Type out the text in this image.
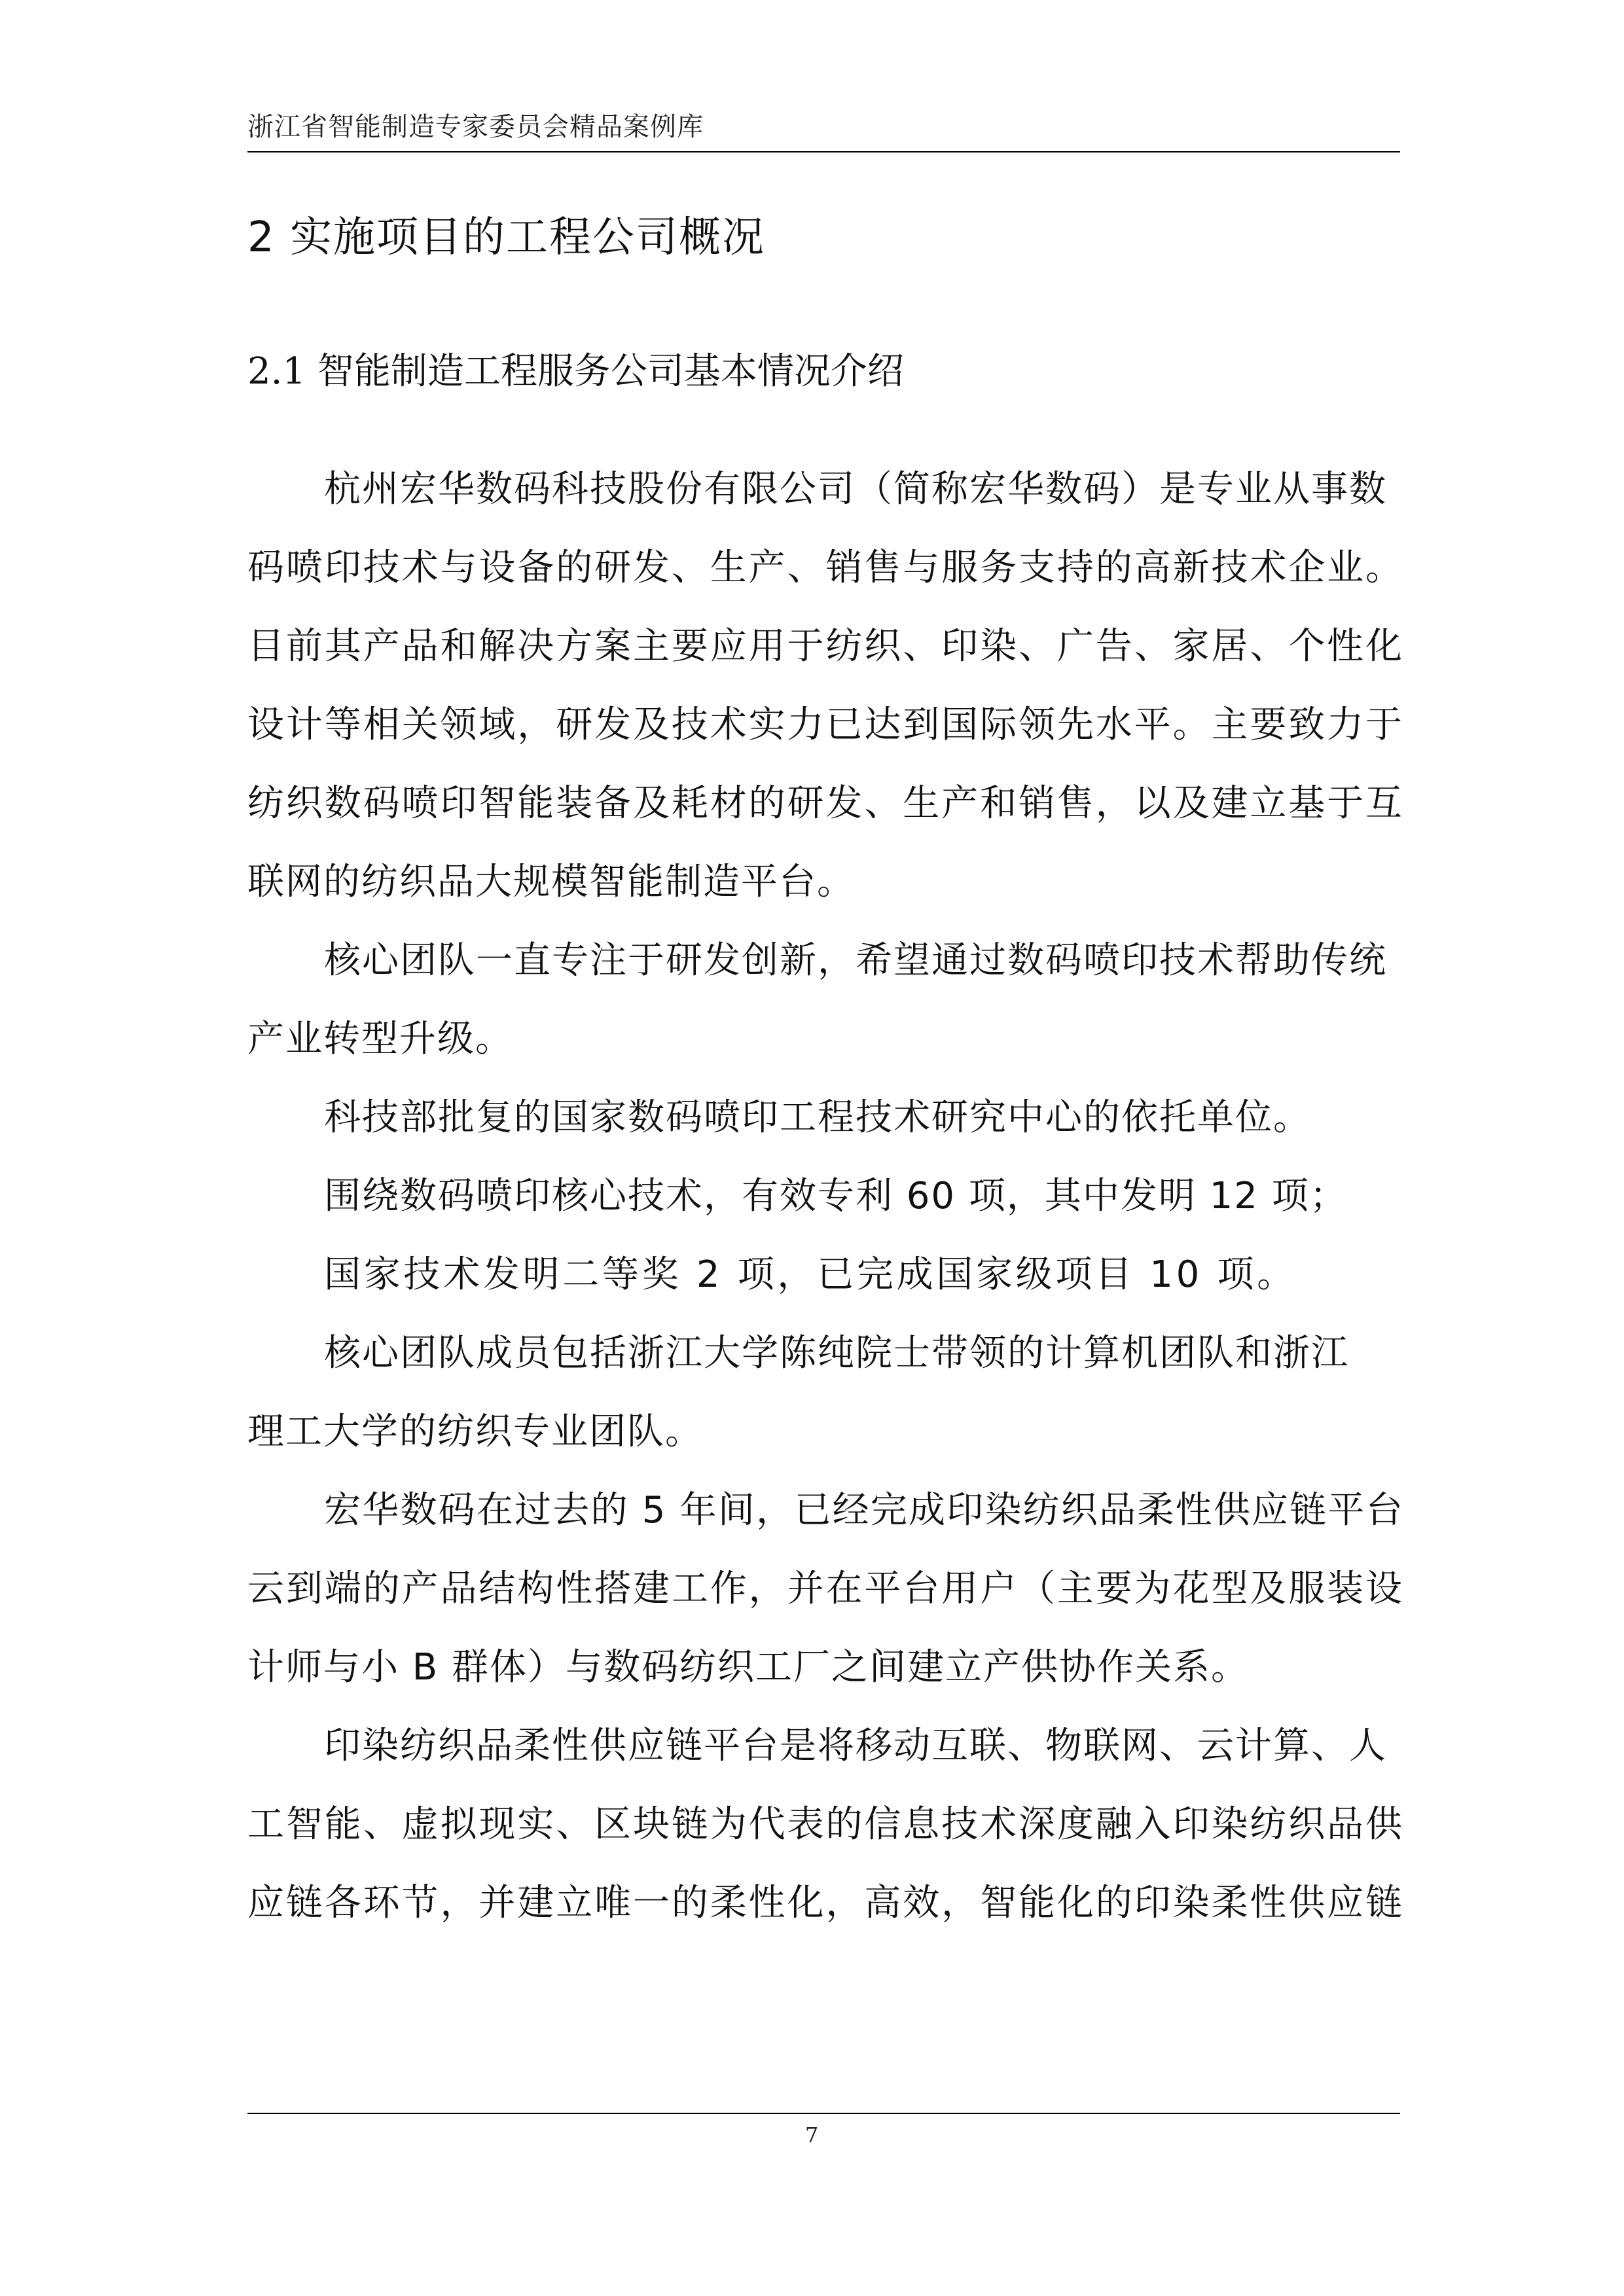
浙江省智能制造专家委员会精品案例库
2 实施项目的工程公司概况
2.1 智能制造工程服务公司基本情况介绍
杭州宏华数码科技股份有限公司（简称宏华数码）是专业从事数
码喷印技术与设备的研发、生产、销售与服务支持的高新技术企业。
目前其产品和解决方案主要应用于纺织、印染、广告、家居、个性化
设计等相关领域，研发及技术实力已达到国际领先水平。主要致力于
纺织数码喷印智能装备及耗材的研发、生产和销售，以及建立基于互
联网的纺织品大规模智能制造平台。
核心团队一直专注于研发创新，希望通过数码喷印技术帮助传统
产业转型升级。
科技部批复的国家数码喷印工程技术研究中心的依托单位。
围绕数码喷印核心技术，有效专利 60 项，其中发明 12 项；
国家技术发明二等奖 2 项，已完成国家级项目 10 项。
核心团队成员包括浙江大学陈纯院士带领的计算机团队和浙江
理工大学的纺织专业团队。
宏华数码在过去的 5 年间，已经完成印染纺织品柔性供应链平台
云到端的产品结构性搭建工作，并在平台用户（主要为花型及服装设
计师与小 B 群体）与数码纺织工厂之间建立产供协作关系。
印染纺织品柔性供应链平台是将移动互联、物联网、云计算、人
工智能、虚拟现实、区块链为代表的信息技术深度融入印染纺织品供
应链各环节，并建立唯一的柔性化，高效，智能化的印染柔性供应链
7
